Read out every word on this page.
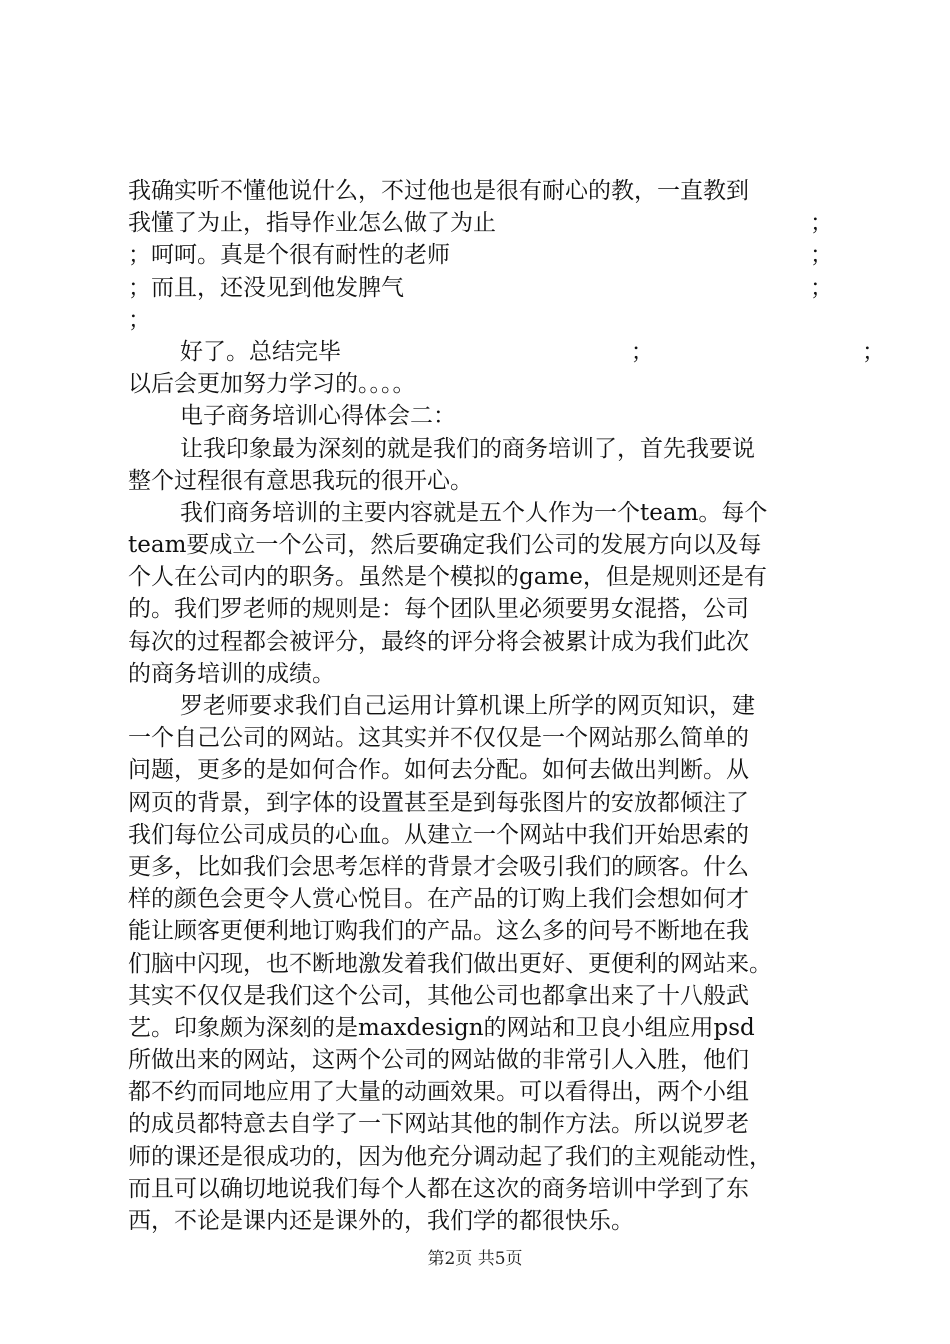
我确实听不懂他说什么，不过他也是很有耐心的教，一直教到
我懂了为止，指导作业怎么做了为止	；
；呵呵。真是个很有耐性的老师	；
；而且，还没见到他发脾气	；
；
好了。总结完毕	；	；
以后会更加努力学习的。。。。
电子商务培训心得体会二：
让我印象最为深刻的就是我们的商务培训了，首先我要说
整个过程很有意思我玩的很开心。
我们商务培训的主要内容就是五个人作为一个team。每个
team要成立一个公司，然后要确定我们公司的发展方向以及每
个人在公司内的职务。虽然是个模拟的game，但是规则还是有
的。我们罗老师的规则是：每个团队里必须要男女混搭，公司
每次的过程都会被评分，最终的评分将会被累计成为我们此次
的商务培训的成绩。
罗老师要求我们自己运用计算机课上所学的网页知识，建
一个自己公司的网站。这其实并不仅仅是一个网站那么简单的
问题，更多的是如何合作。如何去分配。如何去做出判断。从
网页的背景，到字体的设置甚至是到每张图片的安放都倾注了
我们每位公司成员的心血。从建立一个网站中我们开始思索的
更多，比如我们会思考怎样的背景才会吸引我们的顾客。什么
样的颜色会更令人赏心悦目。在产品的订购上我们会想如何才
能让顾客更便利地订购我们的产品。这么多的问号不断地在我
们脑中闪现，也不断地激发着我们做出更好、更便利的网站来。
其实不仅仅是我们这个公司，其他公司也都拿出来了十八般武
艺。印象颇为深刻的是maxdesign的网站和卫良小组应用psd
所做出来的网站，这两个公司的网站做的非常引人入胜，他们
都不约而同地应用了大量的动画效果。可以看得出，两个小组
的成员都特意去自学了一下网站其他的制作方法。所以说罗老
师的课还是很成功的，因为他充分调动起了我们的主观能动性，
而且可以确切地说我们每个人都在这次的商务培训中学到了东
西，不论是课内还是课外的，我们学的都很快乐。
第2页 共5页
